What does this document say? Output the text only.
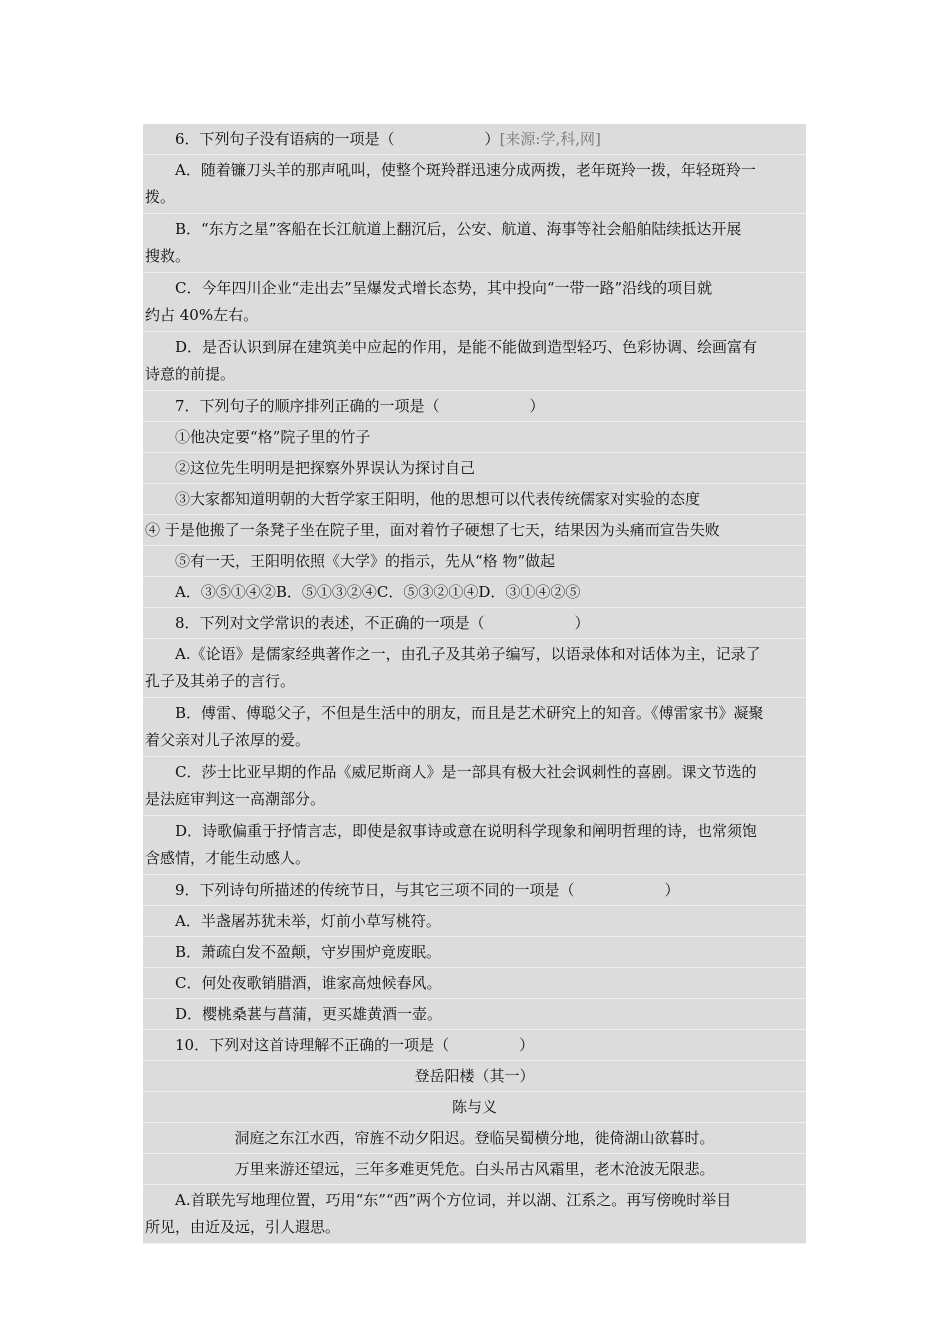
6．下列句子没有语病的一项是（	）[来源:学,科,网]
A．随着镰刀头羊的那声吼叫，使整个斑羚群迅速分成两拨，老年斑羚一拨，年轻斑羚一
拨。
B．“东方之星”客船在长江航道上翻沉后，公安、航道、海事等社会船舶陆续抵达开展
搜救。
C．今年四川企业“走出去”呈爆发式增长态势，其中投向“一带一路”沿线的项目就
约占 40%左右。
D．是否认识到屏在建筑美中应起的作用，是能不能做到造型轻巧、色彩协调、绘画富有
诗意的前提。
7．下列句子的顺序排列正确的一项是（	）
①他决定要“格”院子里的竹子
②这位先生明明是把探察外界误认为探讨自己
③大家都知道明朝的大哲学家王阳明，他的思想可以代表传统儒家对实验的态度
④ 于是他搬了一条凳子坐在院子里，面对着竹子硬想了七天，结果因为头痛而宣告失败
⑤有一天，王阳明依照《大学》的指示，先从“格 物”做起
A．③⑤①④②B．⑤①③②④C．⑤③②①④D．③①④②⑤
8．下列对文学常识的表述，不正确的一项是（	）
A.《论语》是儒家经典著作之一，由孔子及其弟子编写，以语录体和对话体为主，记录了
孔子及其弟子的言行。
B．傅雷、傅聪父子，不但是生活中的朋友，而且是艺术研究上的知音。《傅雷家书》凝聚
着父亲对儿子浓厚的爱。
C．莎士比亚早期的作品《威尼斯商人》是一部具有极大社会讽刺性的喜剧。课文节选的
是法庭审判这一高潮部分。
D．诗歌偏重于抒情言志，即使是叙事诗或意在说明科学现象和阐明哲理的诗，也常须饱
含感情，才能生动感人。
9．下列诗句所描述的传统节日，与其它三项不同的一项是（	）
A．半盏屠苏犹未举，灯前小草写桃符。
B．萧疏白发不盈颠，守岁围炉竟废眠。
C．何处夜歌销腊酒，谁家高烛候春风。
D．樱桃桑葚与菖蒲，更买雄黄酒一壶。
10．下列对这首诗理解不正确的一项是（	）
登岳阳楼（其一）
陈与义
洞庭之东江水西，帘旌不动夕阳迟。登临吴蜀横分地，徙倚湖山欲暮时。
万里来游还望远，三年多难更凭危。白头吊古风霜里，老木沧波无限悲。
A.首联先写地理位置，巧用“东”“西”两个方位词，并以湖、江系之。再写傍晚时举目
所见，由近及远，引人遐思。
